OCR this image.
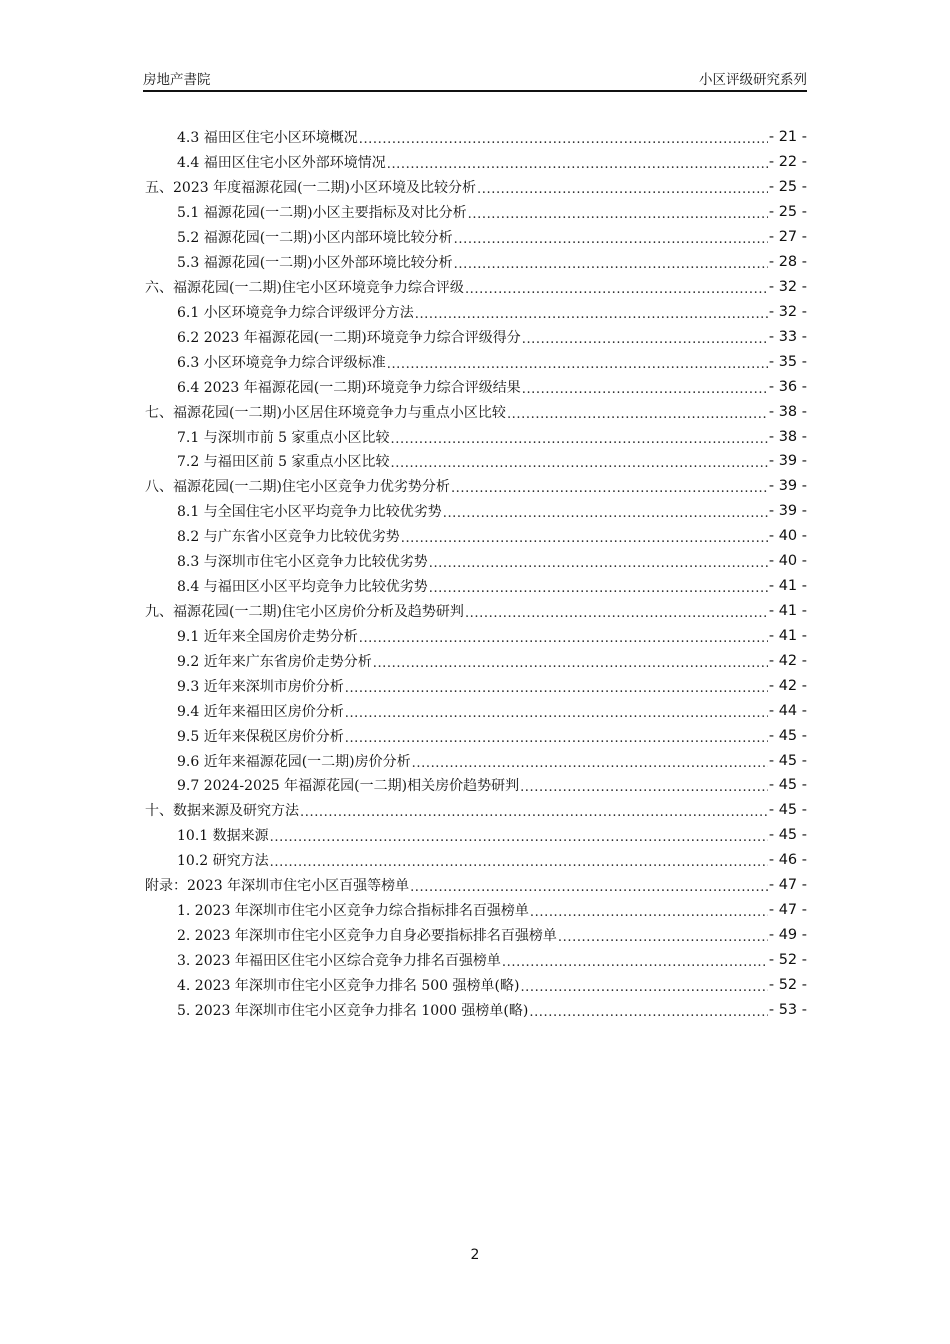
房地产書院	小区评级研究系列
4.3 福田区住宅小区环境概况 .....	- 21 -
4.4 福田区住宅小区外部环境情况 .....	- 22 -
五、2023 年度福源花园(一二期)小区环境及比较分析 .....	- 25 -
5.1 福源花园(一二期)小区主要指标及对比分析 .....	- 25 -
5.2 福源花园(一二期)小区内部环境比较分析 .....	- 27 -
5.3 福源花园(一二期)小区外部环境比较分析 .....	- 28 -
六、福源花园(一二期)住宅小区环境竞争力综合评级 .....	- 32 -
6.1 小区环境竞争力综合评级评分方法 .....	- 32 -
6.2 2023 年福源花园(一二期)环境竞争力综合评级得分 .....	- 33 -
6.3 小区环境竞争力综合评级标准 .....	- 35 -
6.4 2023 年福源花园(一二期)环境竞争力综合评级结果 .....	- 36 -
七、福源花园(一二期)小区居住环境竞争力与重点小区比较 .....	- 38 -
7.1 与深圳市前 5 家重点小区比较 .....	- 38 -
7.2 与福田区前 5 家重点小区比较 .....	- 39 -
八、福源花园(一二期)住宅小区竞争力优劣势分析 .....	- 39 -
8.1 与全国住宅小区平均竞争力比较优劣势 .....	- 39 -
8.2 与广东省小区竞争力比较优劣势 .....	- 40 -
8.3 与深圳市住宅小区竞争力比较优劣势 .....	- 40 -
8.4 与福田区小区平均竞争力比较优劣势 .....	- 41 -
九、福源花园(一二期)住宅小区房价分析及趋势研判 .....	- 41 -
9.1 近年来全国房价走势分析 .....	- 41 -
9.2 近年来广东省房价走势分析 .....	- 42 -
9.3 近年来深圳市房价分析 .....	- 42 -
9.4 近年来福田区房价分析 .....	- 44 -
9.5 近年来保税区房价分析 .....	- 45 -
9.6 近年来福源花园(一二期)房价分析 .....	- 45 -
9.7 2024-2025 年福源花园(一二期)相关房价趋势研判 .....	- 45 -
十、数据来源及研究方法 .....	- 45 -
10.1 数据来源 .....	- 45 -
10.2 研究方法 .....	- 46 -
附录：2023 年深圳市住宅小区百强等榜单 .....	- 47 -
1. 2023 年深圳市住宅小区竞争力综合指标排名百强榜单 .....	- 47 -
2. 2023 年深圳市住宅小区竞争力自身必要指标排名百强榜单 .....	- 49 -
3. 2023 年福田区住宅小区综合竞争力排名百强榜单 .....	- 52 -
4. 2023 年深圳市住宅小区竞争力排名 500 强榜单(略) .....	- 52 -
5. 2023 年深圳市住宅小区竞争力排名 1000 强榜单(略) .....	- 53 -
2
